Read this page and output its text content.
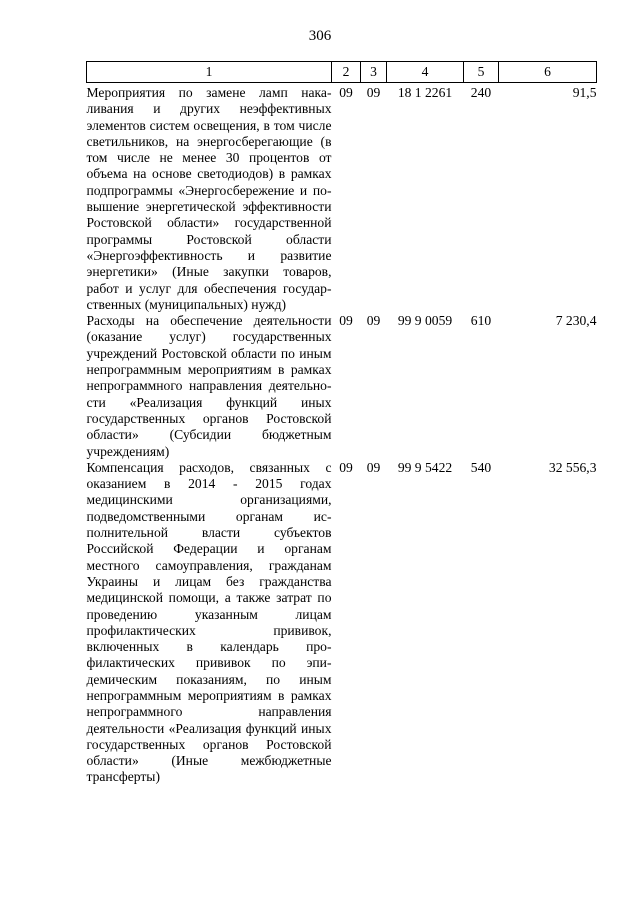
306
1	2	3	4	5	6
Мероприятия по замене ламп накаливания и других неэффективных элементов систем освещения, в том числе светильников, на энергосберегающие (в том числе не менее 30 процентов от объема на основе светодиодов) в рамках подпрограммы «Энергосбережение и повышение энергетической эффективности Ростовской области» государственной программы Ростовской области «Энергоэффективность и развитие энергетики» (Иные закупки товаров, работ и услуг для обеспечения государственных (муниципальных) нужд)	09	09	18 1 2261	240	91,5
Расходы на обеспечение деятельности (оказание услуг) государственных учреждений Ростовской области по иным непрограммным мероприятиям в рамках непрограммного направления деятельности «Реализация функций иных государственных органов Ростовской области» (Субсидии бюджетным учреждениям)	09	09	99 9 0059	610	7 230,4
Компенсация расходов, связанных с оказанием в 2014 - 2015 годах медицинскими организациями, подведомственными органам исполнительной власти субъектов Российской Федерации и органам местного самоуправления, гражданам Украины и лицам без гражданства медицинской помощи, а также затрат по проведению указанным лицам профилактических прививок, включенных в календарь профилактических прививок по эпидемическим показаниям, по иным непрограммным мероприятиям в рамках непрограммного направления деятельности «Реализация функций иных государственных органов Ростовской области» (Иные межбюджетные трансферты)	09	09	99 9 5422	540	32 556,3
